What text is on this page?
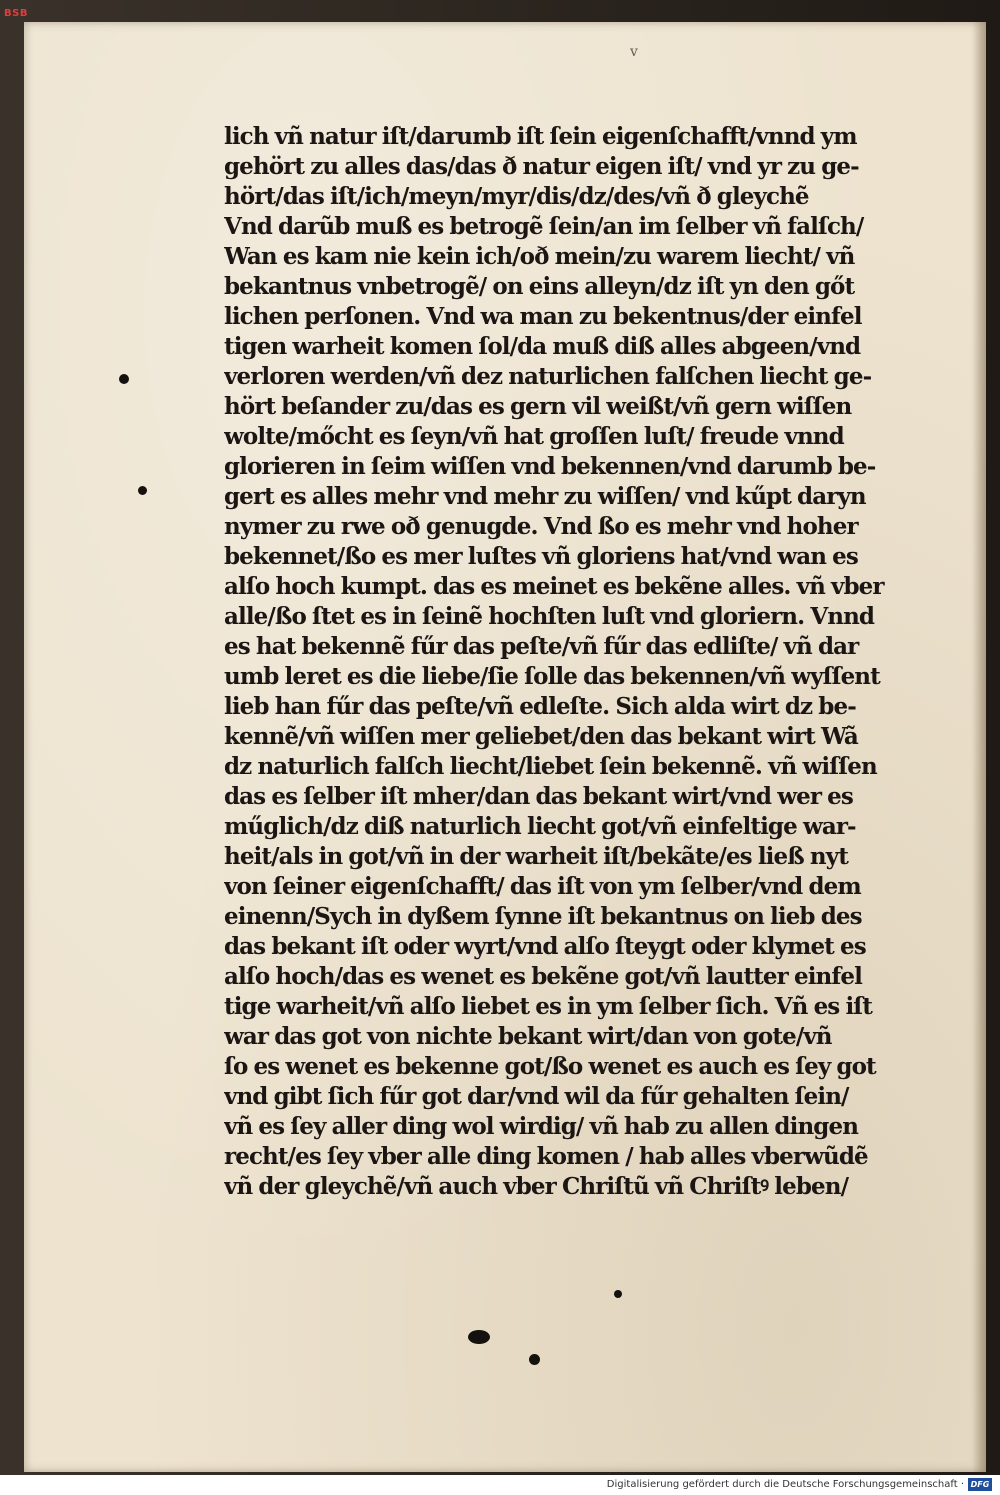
v
lich vñ natur iſt/darumb iſt ſein eigenſchafft/vnnd ym
gehört zu alles das/das ð natur eigen iſt/ vnd yr zu ge-
hört/das iſt/ich/meyn/myr/dis/dz/des/vñ ð gleychẽ
Vnd darũb muß es betrogẽ ſein/an im ſelber vñ falſch/
Wan es kam nie kein ich/oð mein/zu warem liecht/ vñ
bekantnus vnbetrogẽ/ on eins alleyn/dz iſt yn den gőt
lichen perſonen. Vnd wa man zu bekentnus/der einfel
tigen warheit komen ſol/da muß diß alles abgeen/vnd
verloren werden/vñ dez naturlichen falſchen liecht ge-
hört beſander zu/das es gern vil weißt/vñ gern wiſſen
wolte/mőcht es ſeyn/vñ hat groſſen luſt/ freude vnnd
glorieren in ſeim wiſſen vnd bekennen/vnd darumb be-
gert es alles mehr vnd mehr zu wiſſen/ vnd kűpt daryn
nymer zu rwe oð genugde. Vnd ßo es mehr vnd hoher
bekennet/ßo es mer luſtes vñ gloriens hat/vnd wan es
alſo hoch kumpt. das es meinet es bekẽne alles. vñ vber
alle/ßo ſtet es in ſeinẽ hochſten luſt vnd gloriern. Vnnd
es hat bekennẽ fűr das peſte/vñ fűr das edliſte/ vñ dar
umb leret es die liebe/ſie ſolle das bekennen/vñ wyſſent
lieb han fűr das peſte/vñ edleſte. Sich alda wirt dz be-
kennẽ/vñ wiſſen mer geliebet/den das bekant wirt Wã
dz naturlich falſch liecht/liebet ſein bekennẽ. vñ wiſſen
das es ſelber iſt mher/dan das bekant wirt/vnd wer es
műglich/dz diß naturlich liecht got/vñ einfeltige war-
heit/als in got/vñ in der warheit iſt/bekãte/es ließ nyt
von ſeiner eigenſchafft/ das iſt von ym ſelber/vnd dem
einenn/Sych in dyßem ſynne iſt bekantnus on lieb des
das bekant iſt oder wyrt/vnd alſo ſteygt oder klymet es
alſo hoch/das es wenet es bekẽne got/vñ lautter einfel
tige warheit/vñ alſo liebet es in ym ſelber ſich. Vñ es iſt
war das got von nichte bekant wirt/dan von gote/vñ
ſo es wenet es bekenne got/ßo wenet es auch es ſey got
vnd gibt ſich fűr got dar/vnd wil da fűr gehalten ſein/
vñ es ſey aller ding wol wirdig/ vñ hab zu allen dingen
recht/es ſey vber alle ding komen / hab alles vberwũdẽ
vñ der gleychẽ/vñ auch vber Chriſtũ vñ Chriſtꝰ leben/
BSB
Digitalisierung gefördert durch die Deutsche Forschungsgemeinschaft · DFG
